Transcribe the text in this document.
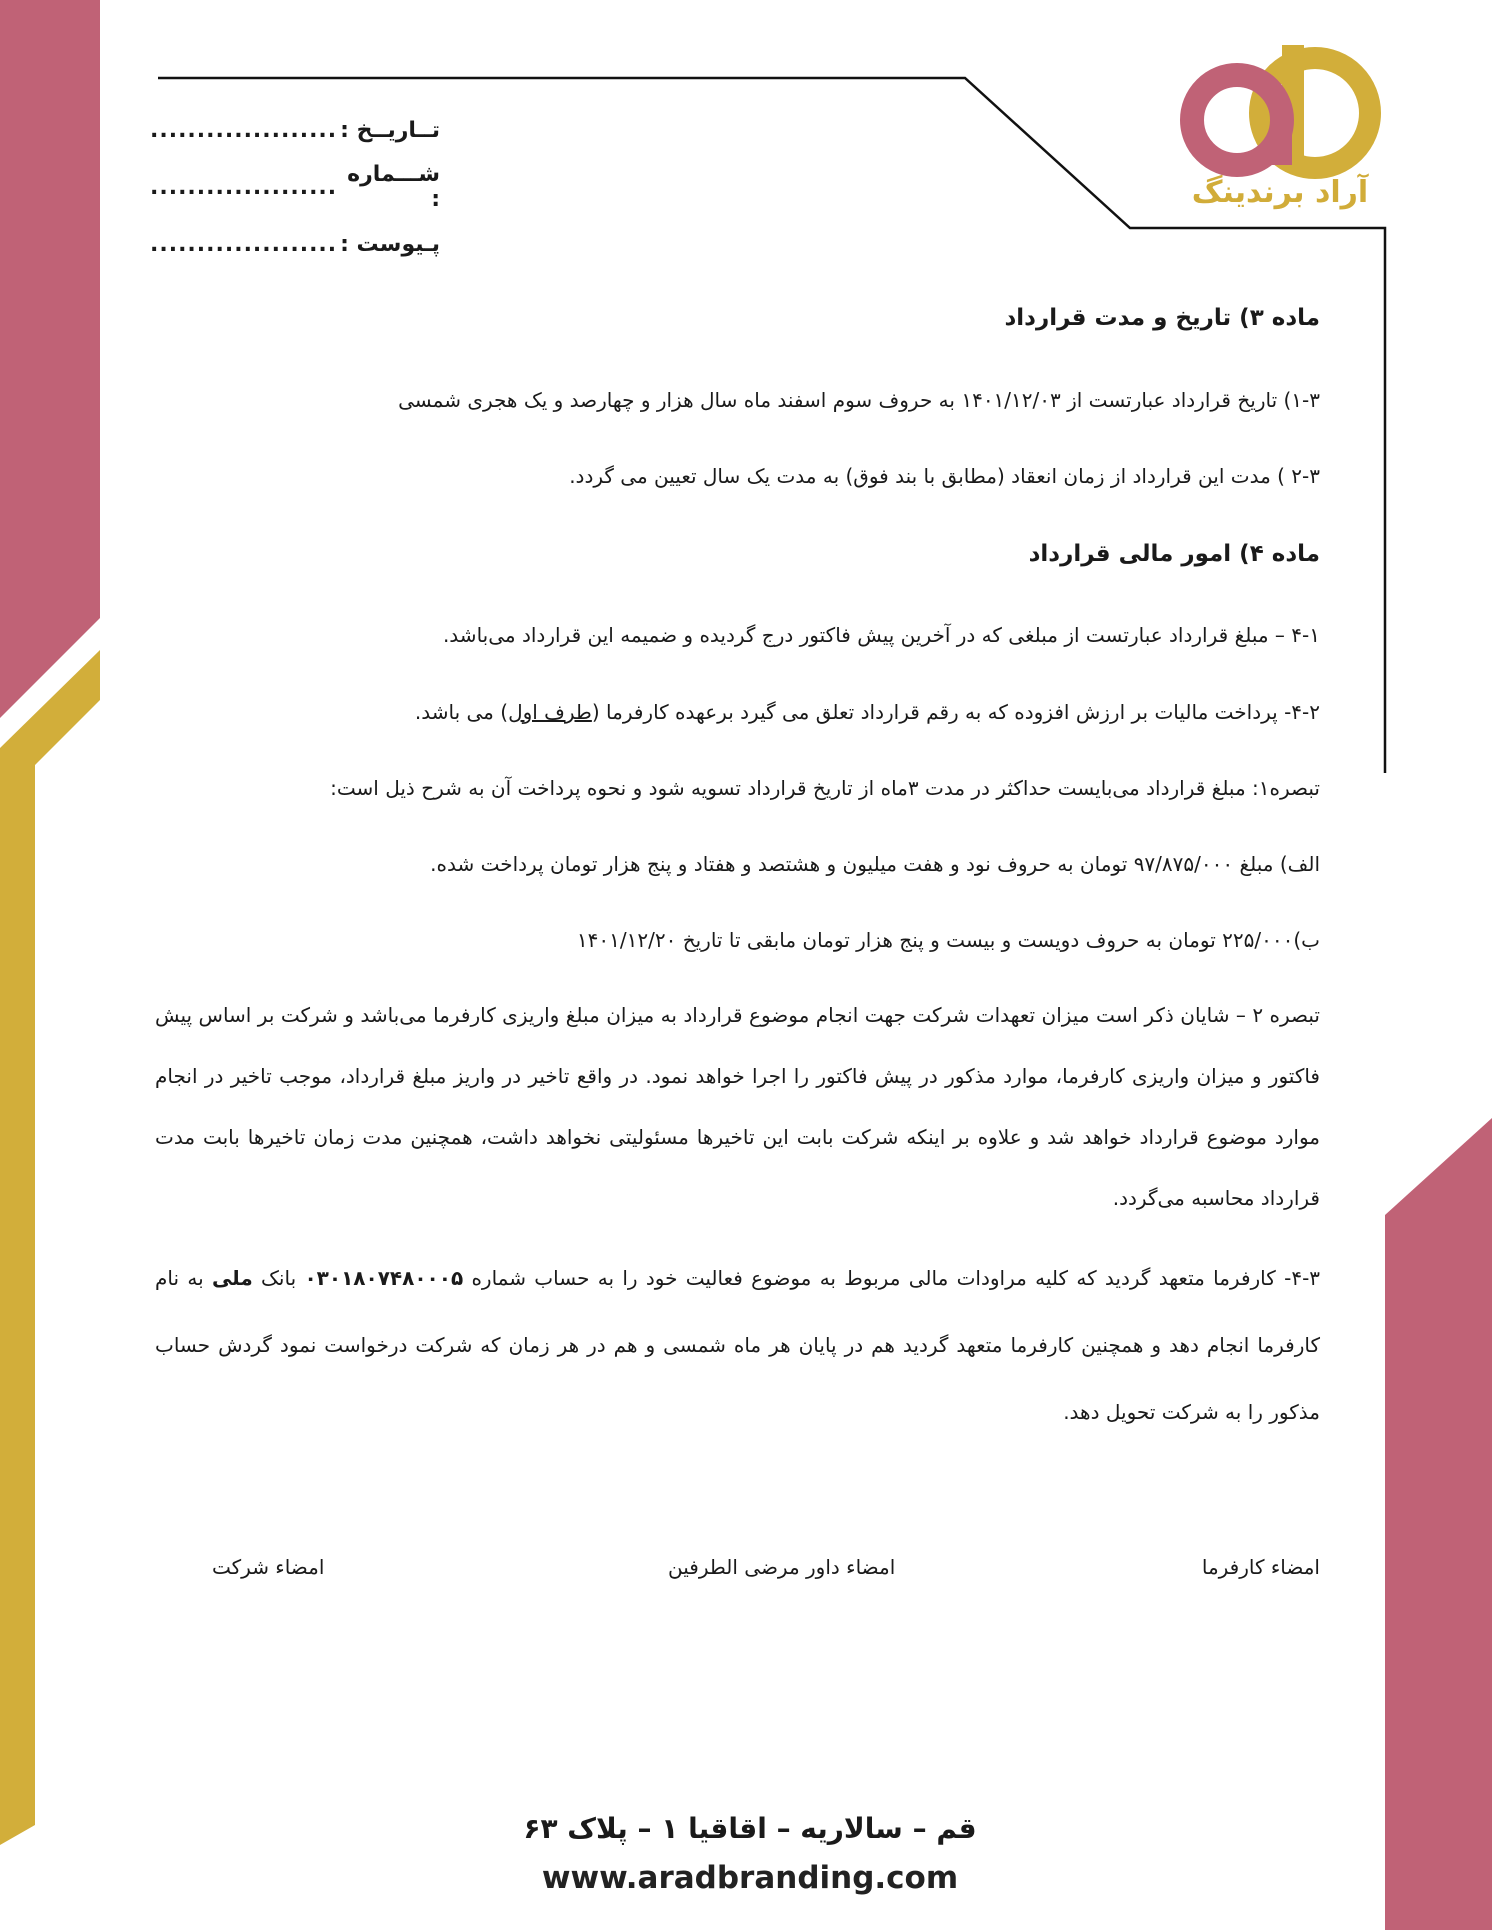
آراد برندینگ
تــاریــخ :
....................
شـــماره :
....................
پـیوست :
....................
ماده ۳) تاریخ و مدت قرارداد
۱-۳) تاریخ قرارداد عبارتست از ۱۴۰۱/۱۲/۰۳ به حروف سوم اسفند ماه سال هزار و چهارصد و یک هجری شمسی
۲-۳ ) مدت این قرارداد از زمان انعقاد (مطابق با بند فوق) به مدت یک سال تعیین می گردد.
ماده ۴) امور مالی قرارداد
۴-۱ – مبلغ قرارداد عبارتست از مبلغی که در آخرین پیش فاکتور درج گردیده و ضمیمه این قرارداد می‌باشد.
۴-۲- پرداخت مالیات بر ارزش افزوده که به رقم قرارداد تعلق می گیرد برعهده کارفرما (طرف اول) می باشد.
تبصره۱: مبلغ قرارداد می‌بایست حداکثر در مدت ۳ماه از تاریخ قرارداد تسویه شود و نحوه پرداخت آن به شرح ذیل است:
الف) مبلغ ۹۷/۸۷۵/۰۰۰ تومان به حروف نود و هفت میلیون و هشتصد و هفتاد و پنج هزار تومان پرداخت شده.
ب)۲۲۵/۰۰۰ تومان به حروف دویست و بیست و پنج هزار تومان مابقی تا تاریخ ۱۴۰۱/۱۲/۲۰
تبصره ۲ – شایان ذکر است میزان تعهدات شرکت جهت انجام موضوع قرارداد به میزان مبلغ واریزی کارفرما می‌باشد و شرکت بر اساس پیش فاکتور و میزان واریزی کارفرما، موارد مذکور در پیش فاکتور را اجرا خواهد نمود. در واقع تاخیر در واریز مبلغ قرارداد، موجب تاخیر در انجام موارد موضوع قرارداد خواهد شد و علاوه بر اینکه شرکت بابت این تاخیرها مسئولیتی نخواهد داشت، همچنین مدت زمان تاخیرها بابت مدت قرارداد محاسبه می‌گردد.
۴-۳- کارفرما متعهد گردید که کلیه مراودات مالی مربوط به موضوع فعالیت خود را به حساب شماره ۰۳۰۱۸۰۷۴۸۰۰۰۵ بانک ملی به نام کارفرما انجام دهد و همچنین کارفرما متعهد گردید هم در پایان هر ماه شمسی و هم در هر زمان که شرکت درخواست نمود گردش حساب مذکور را به شرکت تحویل دهد.
امضاء کارفرما
امضاء داور مرضی الطرفین
امضاء شرکت
قم – سالاریه – اقاقیا ۱ – پلاک ۶۳
www.aradbranding.com
